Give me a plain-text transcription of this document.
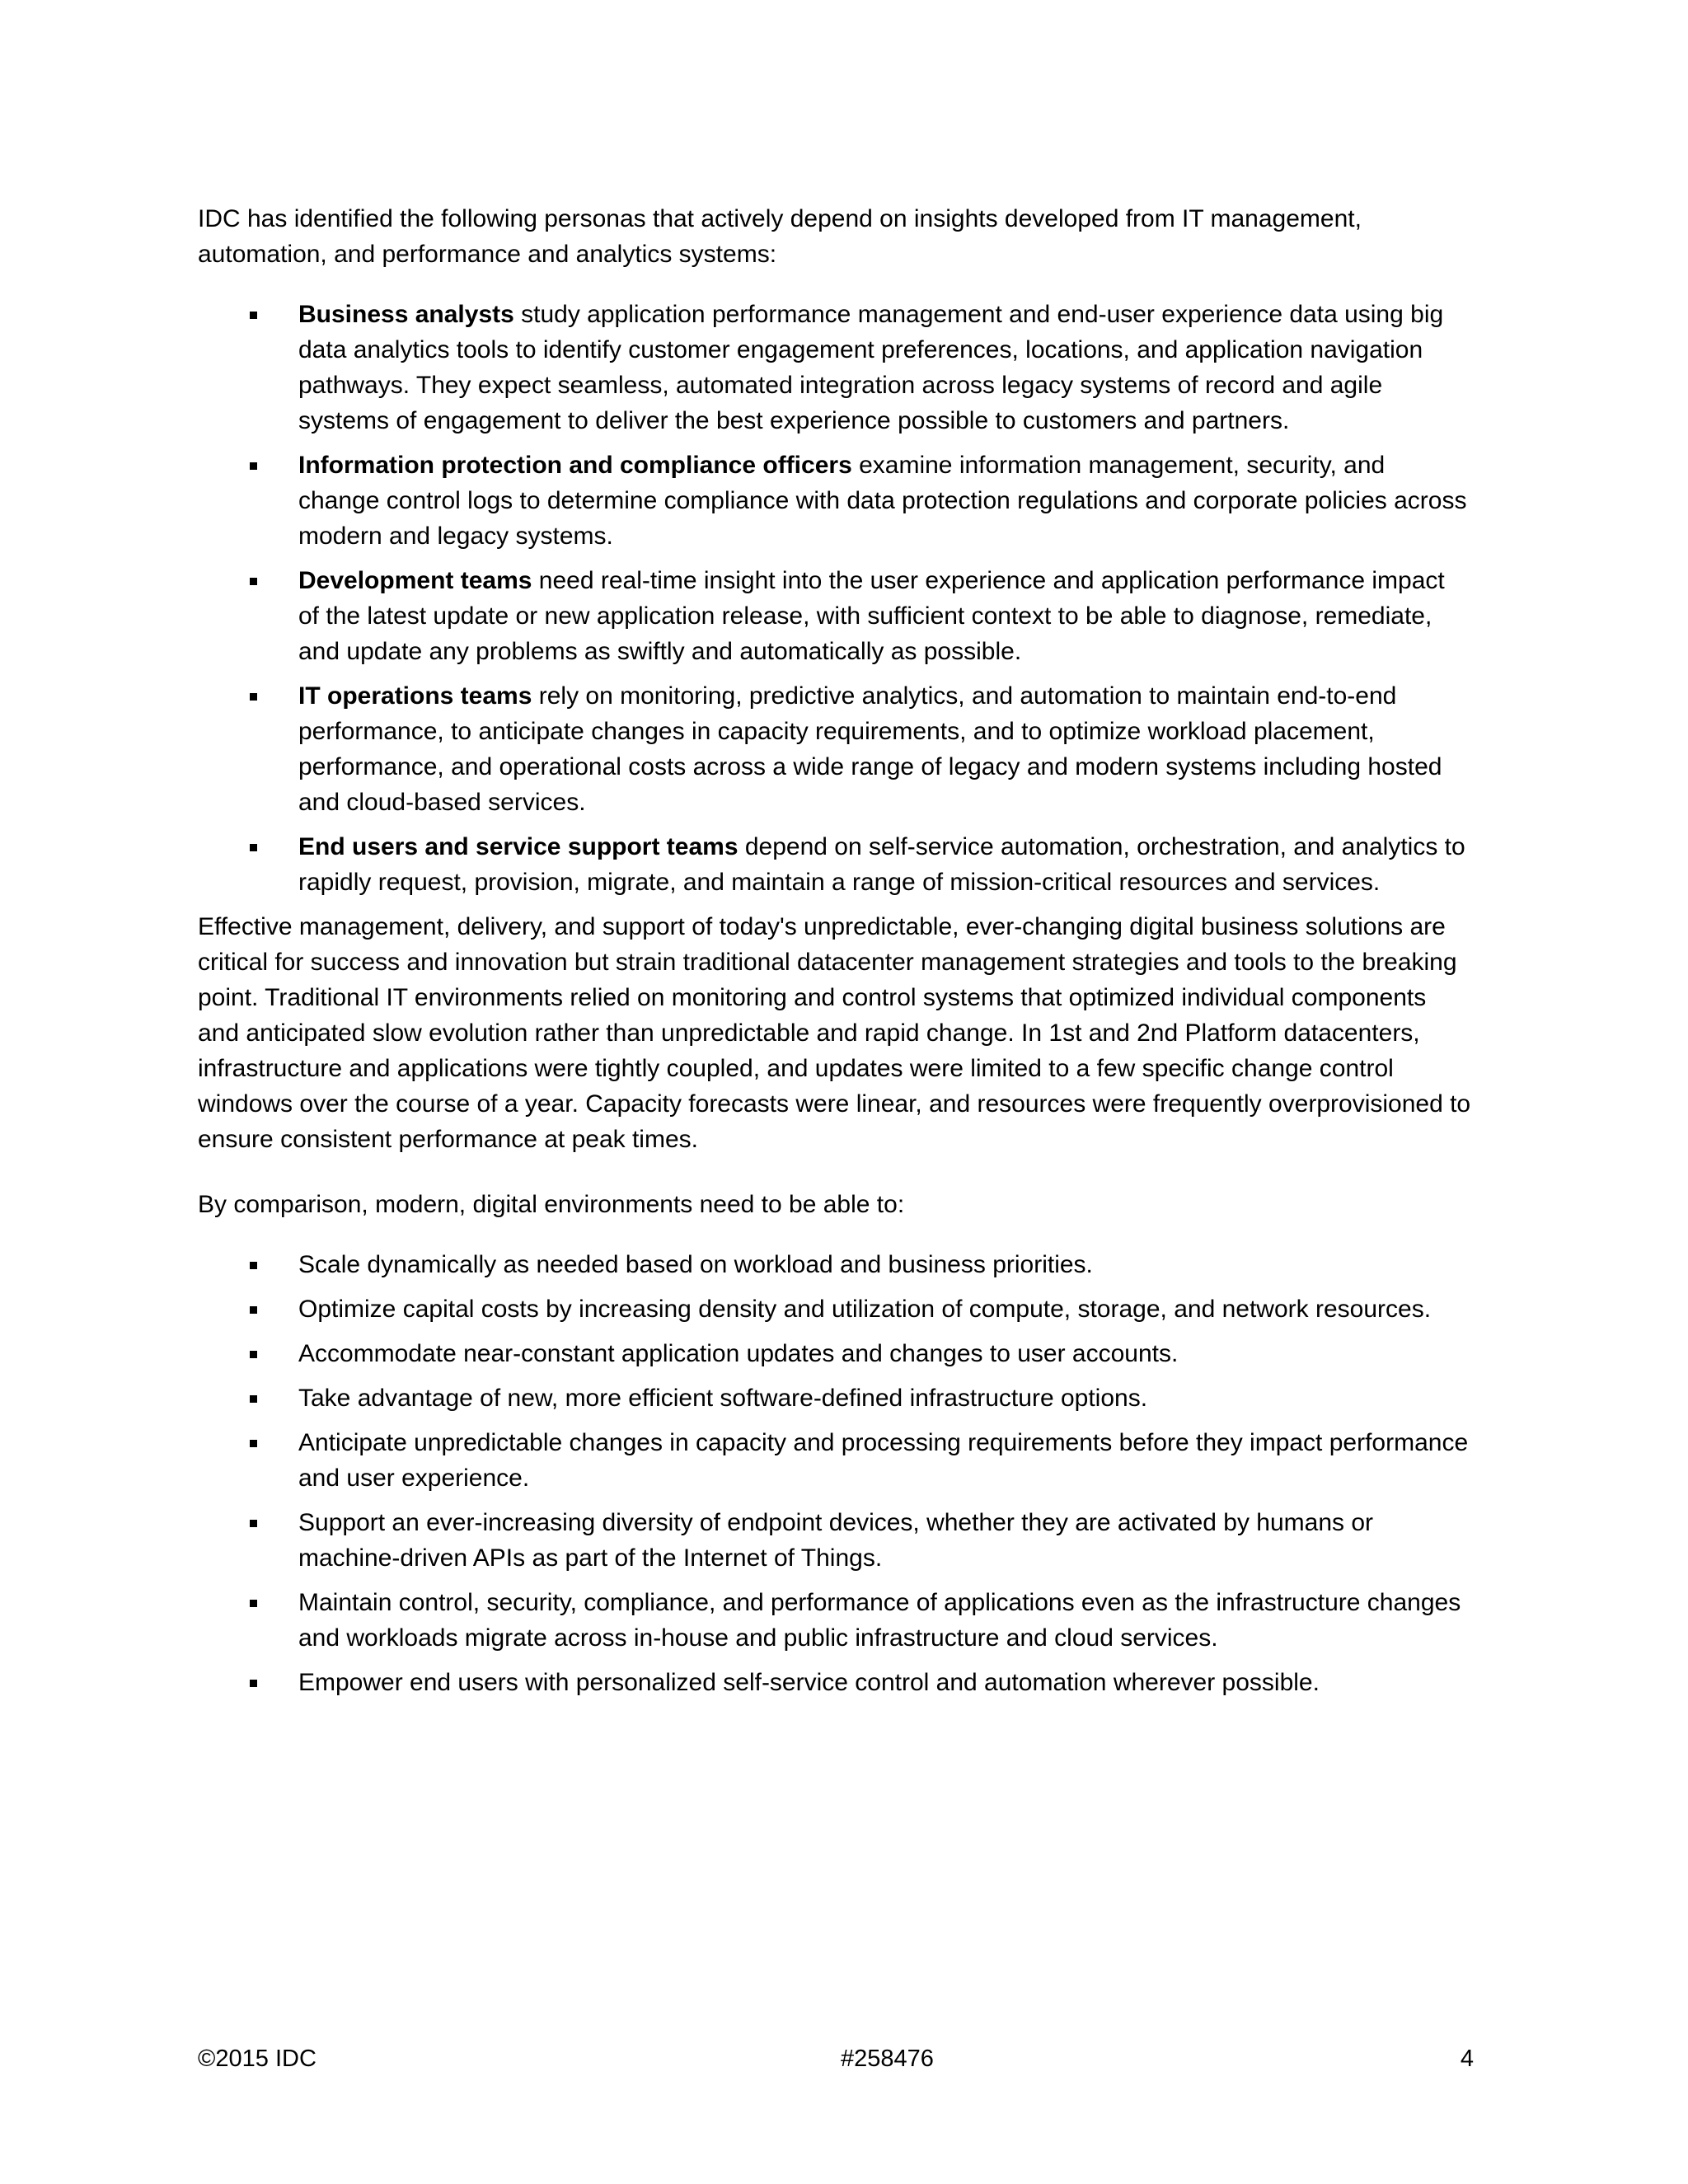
IDC has identified the following personas that actively depend on insights developed from IT management, automation, and performance and analytics systems:

Business analysts study application performance management and end-user experience data using big data analytics tools to identify customer engagement preferences, locations, and application navigation pathways. They expect seamless, automated integration across legacy systems of record and agile systems of engagement to deliver the best experience possible to customers and partners.
Information protection and compliance officers examine information management, security, and change control logs to determine compliance with data protection regulations and corporate policies across modern and legacy systems.
Development teams need real-time insight into the user experience and application performance impact of the latest update or new application release, with sufficient context to be able to diagnose, remediate, and update any problems as swiftly and automatically as possible.
IT operations teams rely on monitoring, predictive analytics, and automation to maintain end-to-end performance, to anticipate changes in capacity requirements, and to optimize workload placement, performance, and operational costs across a wide range of legacy and modern systems including hosted and cloud-based services.
End users and service support teams depend on self-service automation, orchestration, and analytics to rapidly request, provision, migrate, and maintain a range of mission-critical resources and services.

Effective management, delivery, and support of today's unpredictable, ever-changing digital business solutions are critical for success and innovation but strain traditional datacenter management strategies and tools to the breaking point. Traditional IT environments relied on monitoring and control systems that optimized individual components and anticipated slow evolution rather than unpredictable and rapid change. In 1st and 2nd Platform datacenters, infrastructure and applications were tightly coupled, and updates were limited to a few specific change control windows over the course of a year. Capacity forecasts were linear, and resources were frequently overprovisioned to ensure consistent performance at peak times.

By comparison, modern, digital environments need to be able to:

Scale dynamically as needed based on workload and business priorities.
Optimize capital costs by increasing density and utilization of compute, storage, and network resources.
Accommodate near-constant application updates and changes to user accounts.
Take advantage of new, more efficient software-defined infrastructure options.
Anticipate unpredictable changes in capacity and processing requirements before they impact performance and user experience.
Support an ever-increasing diversity of endpoint devices, whether they are activated by humans or machine-driven APIs as part of the Internet of Things.
Maintain control, security, compliance, and performance of applications even as the infrastructure changes and workloads migrate across in-house and public infrastructure and cloud services.
Empower end users with personalized self-service control and automation wherever possible.
©2015 IDC	#258476	4
